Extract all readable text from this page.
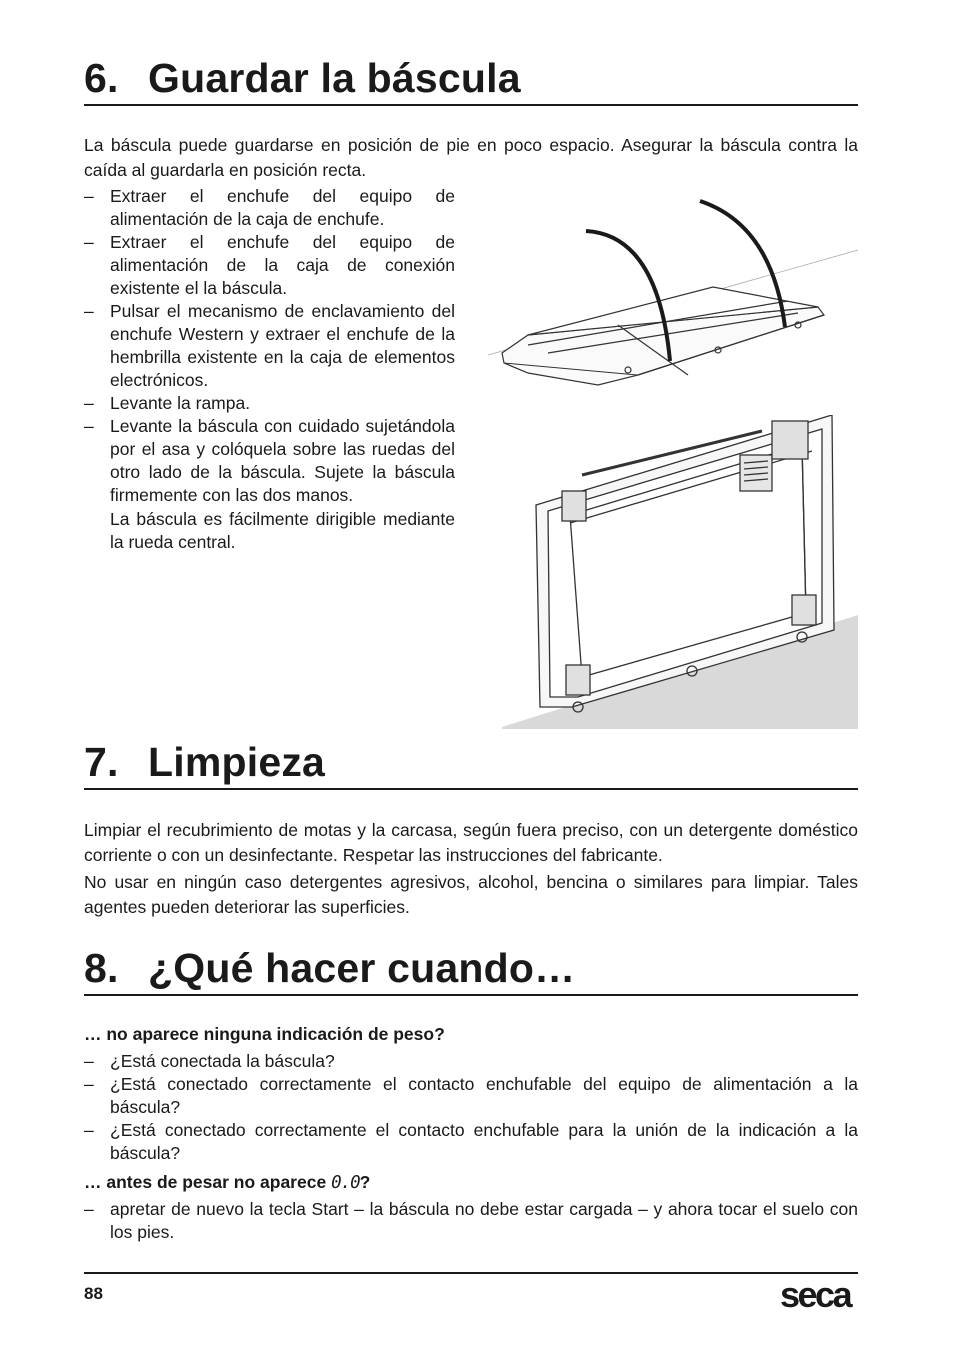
6. Guardar la báscula

La báscula puede guardarse en posición de pie en poco espacio. Asegurar la báscula contra la caída al guardarla en posición recta.

– Extraer el enchufe del equipo de alimentación de la caja de enchufe.
– Extraer el enchufe del equipo de alimentación de la caja de conexión existente el la báscula.
– Pulsar el mecanismo de enclavamiento del enchufe Western y extraer el enchufe de la hembrilla existente en la caja de elementos electrónicos.
– Levante la rampa.
– Levante la báscula con cuidado sujetándola por el asa y colóquela sobre las ruedas del otro lado de la báscula. Sujete la báscula firmemente con las dos manos.
La báscula es fácilmente dirigible mediante la rueda central.
7. Limpieza

Limpiar el recubrimiento de motas y la carcasa, según fuera preciso, con un detergente doméstico corriente o con un desinfectante. Respetar las instrucciones del fabricante.

No usar en ningún caso detergentes agresivos, alcohol, bencina o similares para limpiar. Tales agentes pueden deteriorar las superficies.

8. ¿Qué hacer cuando…

… no aparece ninguna indicación de peso?

– ¿Está conectada la báscula?
– ¿Está conectado correctamente el contacto enchufable del equipo de alimentación a la báscula?
– ¿Está conectado correctamente el contacto enchufable para la unión de la indicación a la báscula?

… antes de pesar no aparece 0.0?

– apretar de nuevo la tecla Start – la báscula no debe estar cargada – y ahora tocar el suelo con los pies.
88	seca
